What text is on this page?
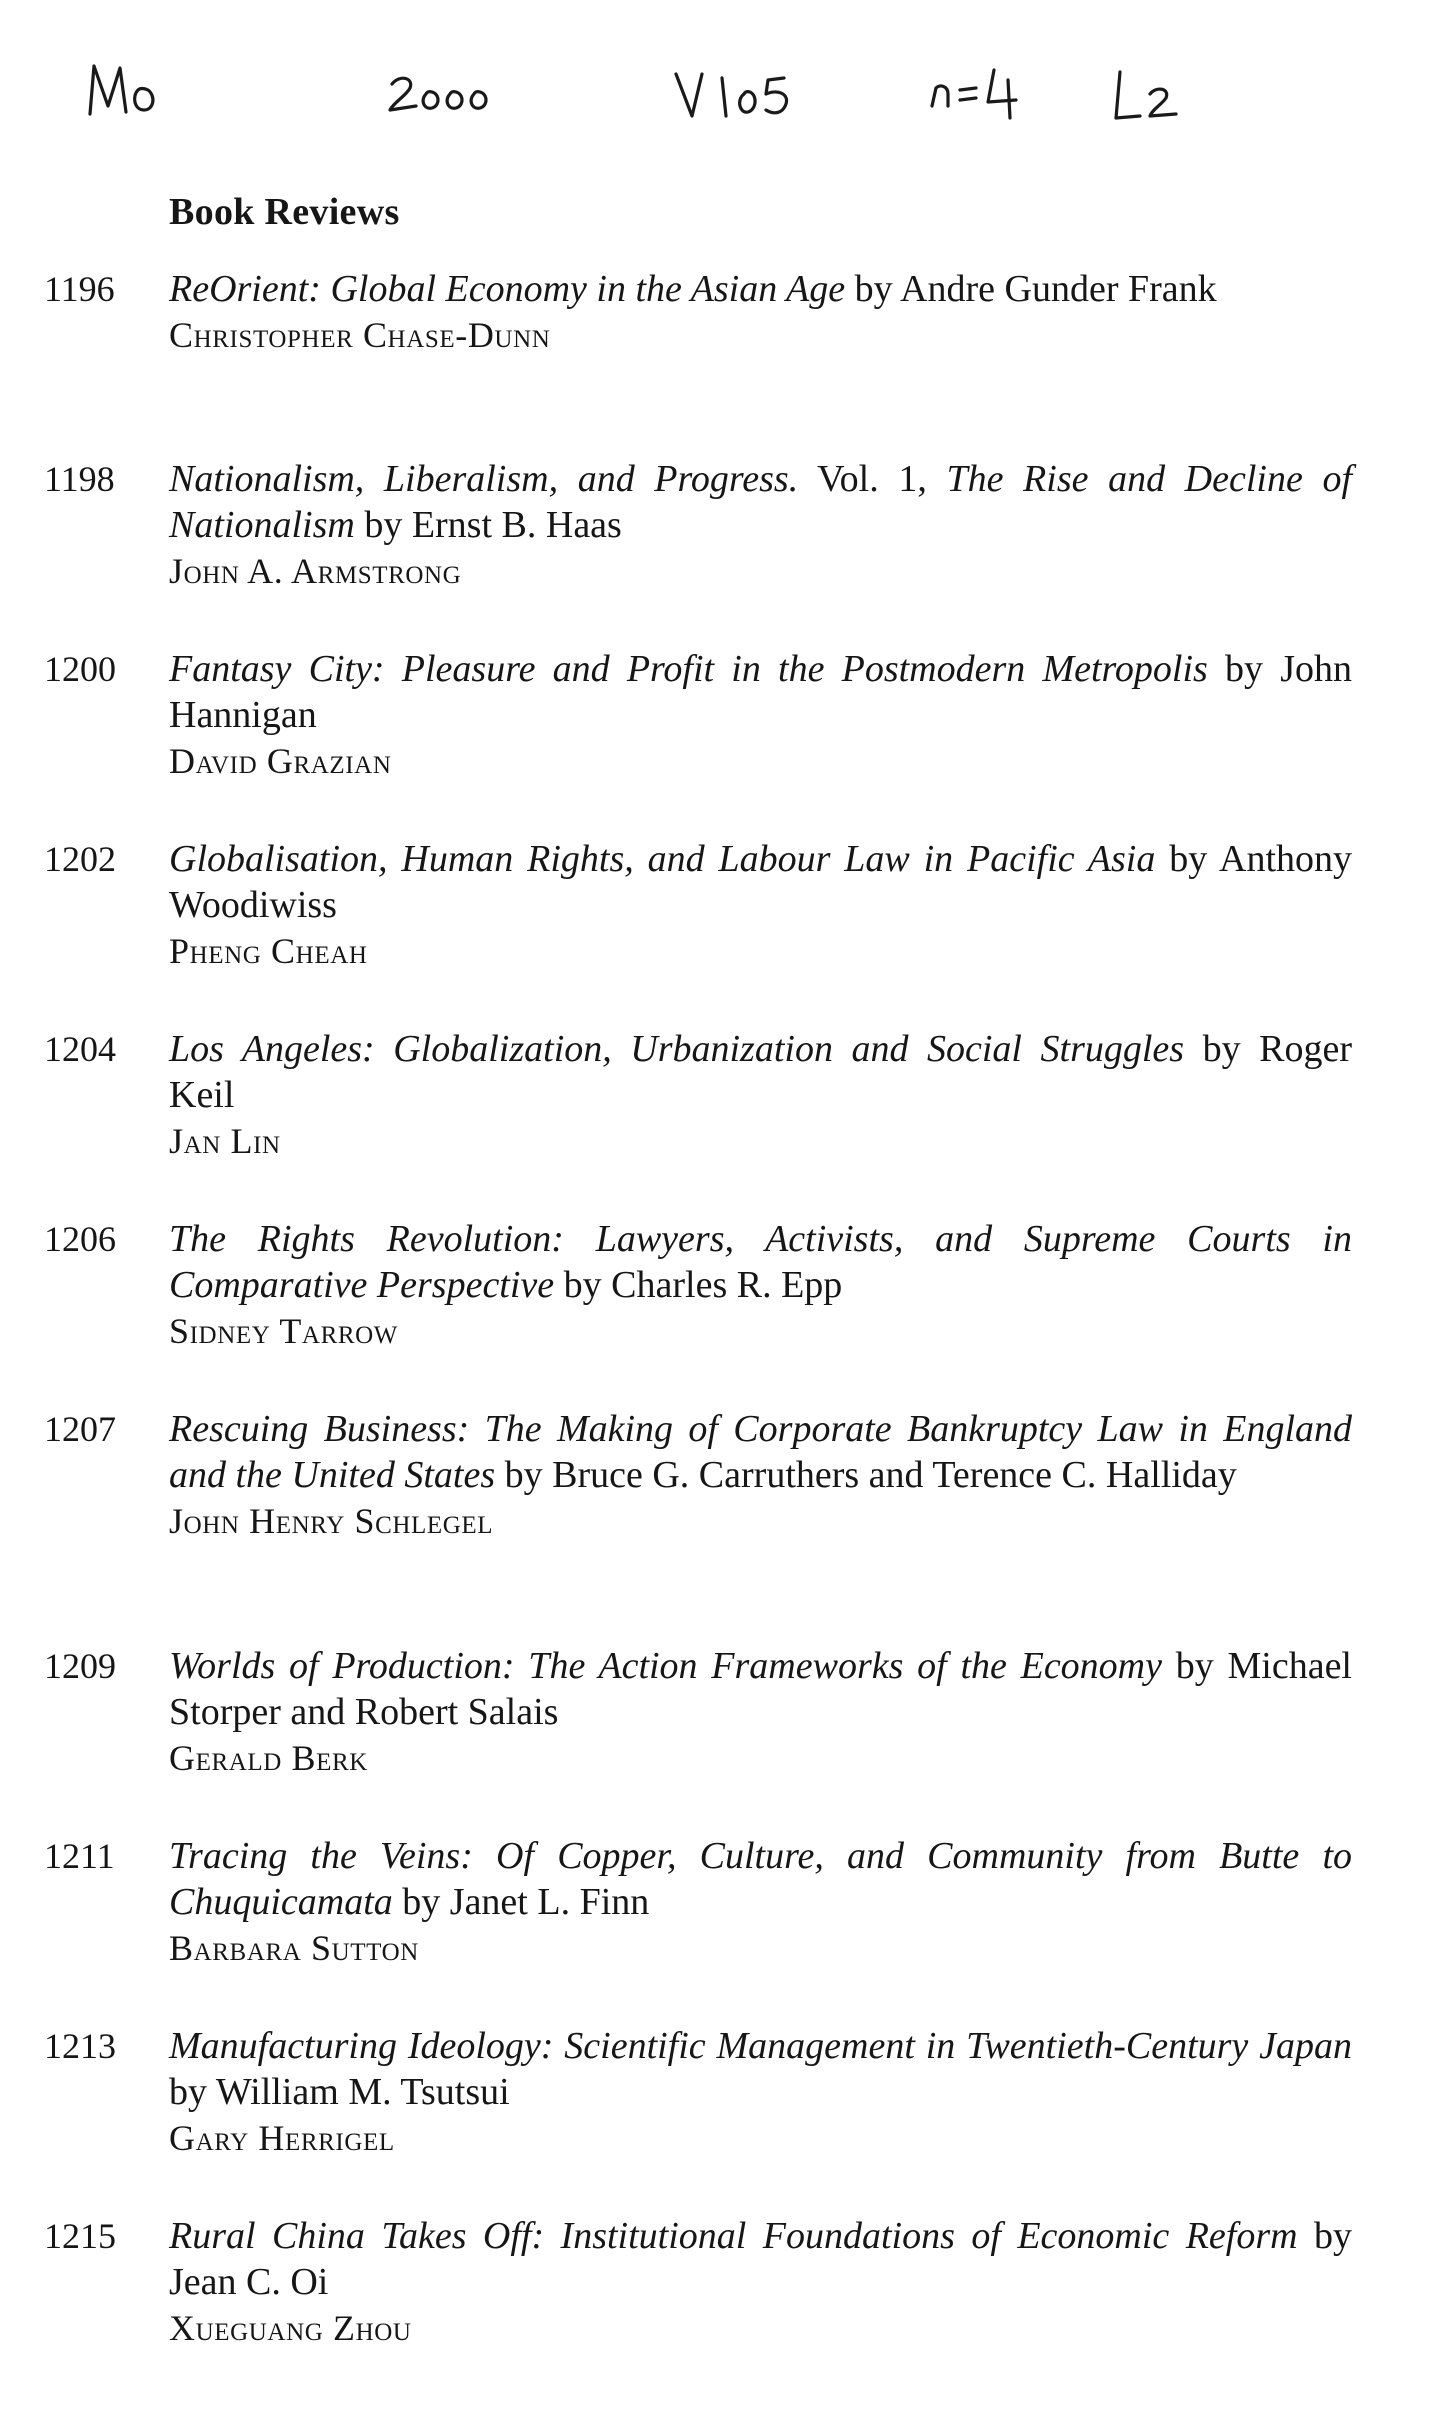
Book Reviews
1196 ReOrient: Global Economy in the Asian Age by Andre Gunder Frank
Christopher Chase-Dunn
1198 Nationalism, Liberalism, and Progress. Vol. 1, The Rise and Decline of Nationalism by Ernst B. Haas
John A. Armstrong
1200 Fantasy City: Pleasure and Profit in the Postmodern Metropolis by John Hannigan
David Grazian
1202 Globalisation, Human Rights, and Labour Law in Pacific Asia by Anthony Woodiwiss
Pheng Cheah
1204 Los Angeles: Globalization, Urbanization and Social Struggles by Roger Keil
Jan Lin
1206 The Rights Revolution: Lawyers, Activists, and Supreme Courts in Comparative Perspective by Charles R. Epp
Sidney Tarrow
1207 Rescuing Business: The Making of Corporate Bankruptcy Law in England and the United States by Bruce G. Carruthers and Terence C. Halliday
John Henry Schlegel
1209 Worlds of Production: The Action Frameworks of the Economy by Michael Storper and Robert Salais
Gerald Berk
1211 Tracing the Veins: Of Copper, Culture, and Community from Butte to Chuquicamata by Janet L. Finn
Barbara Sutton
1213 Manufacturing Ideology: Scientific Management in Twentieth-Century Japan by William M. Tsutsui
Gary Herrigel
1215 Rural China Takes Off: Institutional Foundations of Economic Reform by Jean C. Oi
Xueguang Zhou
